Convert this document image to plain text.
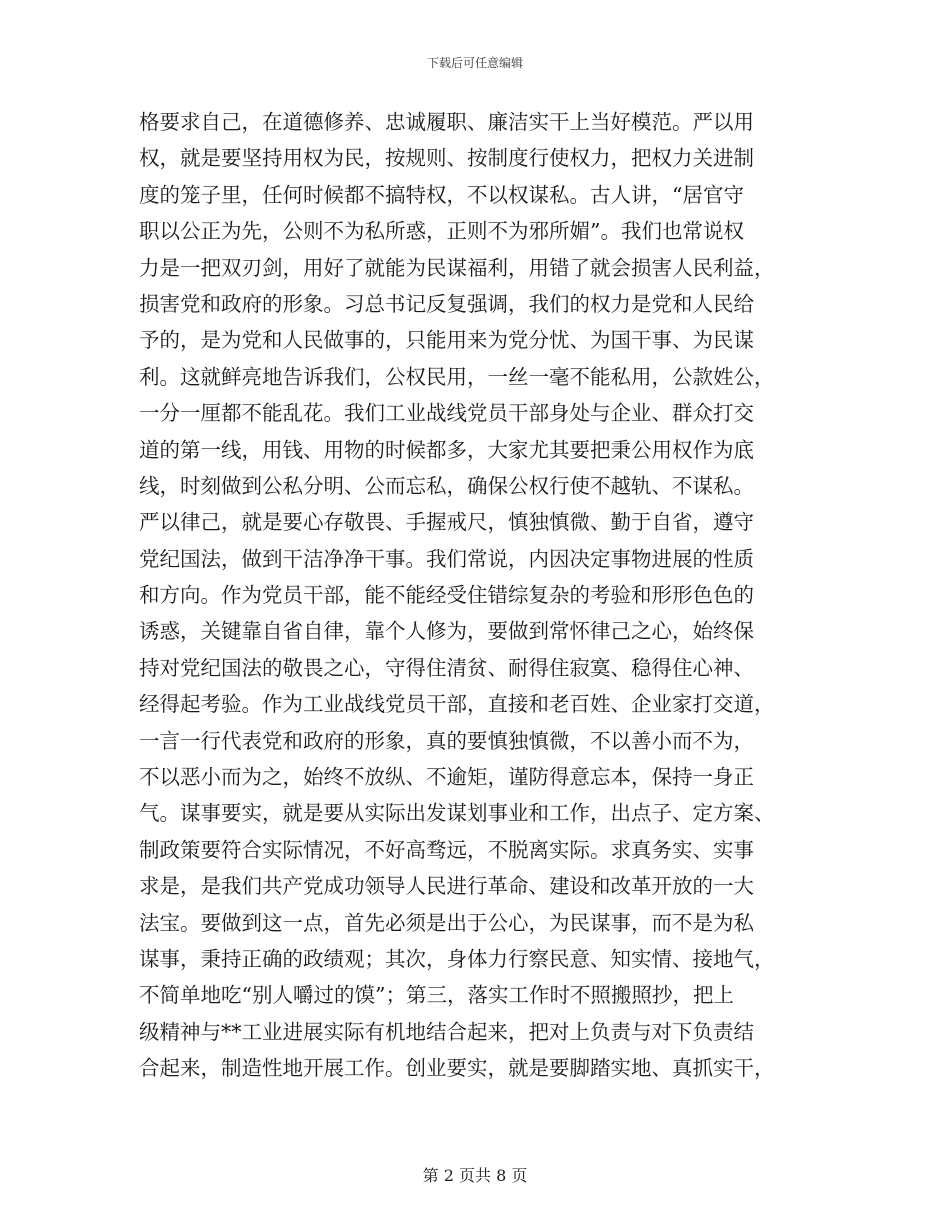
下载后可任意编辑
格要求自己，在道德修养、忠诚履职、廉洁实干上当好模范。严以用
权，就是要坚持用权为民，按规则、按制度行使权力，把权力关进制
度的笼子里，任何时候都不搞特权，不以权谋私。古人讲，“居官守
职以公正为先，公则不为私所惑，正则不为邪所媚”。我们也常说权
力是一把双刃剑，用好了就能为民谋福利，用错了就会损害人民利益，
损害党和政府的形象。习总书记反复强调，我们的权力是党和人民给
予的，是为党和人民做事的，只能用来为党分忧、为国干事、为民谋
利。这就鲜亮地告诉我们，公权民用，一丝一毫不能私用，公款姓公，
一分一厘都不能乱花。我们工业战线党员干部身处与企业、群众打交
道的第一线，用钱、用物的时候都多，大家尤其要把秉公用权作为底
线，时刻做到公私分明、公而忘私，确保公权行使不越轨、不谋私。
严以律己，就是要心存敬畏、手握戒尺，慎独慎微、勤于自省，遵守
党纪国法，做到干洁净净干事。我们常说，内因决定事物进展的性质
和方向。作为党员干部，能不能经受住错综复杂的考验和形形色色的
诱惑，关键靠自省自律，靠个人修为，要做到常怀律己之心，始终保
持对党纪国法的敬畏之心，守得住清贫、耐得住寂寞、稳得住心神、
经得起考验。作为工业战线党员干部，直接和老百姓、企业家打交道，
一言一行代表党和政府的形象，真的要慎独慎微，不以善小而不为，
不以恶小而为之，始终不放纵、不逾矩，谨防得意忘本，保持一身正
气。谋事要实，就是要从实际出发谋划事业和工作，出点子、定方案、
制政策要符合实际情况，不好高骛远，不脱离实际。求真务实、实事
求是，是我们共产党成功领导人民进行革命、建设和改革开放的一大
法宝。要做到这一点，首先必须是出于公心，为民谋事，而不是为私
谋事，秉持正确的政绩观；其次，身体力行察民意、知实情、接地气，
不简单地吃“别人嚼过的馍”；第三，落实工作时不照搬照抄，把上
级精神与**工业进展实际有机地结合起来，把对上负责与对下负责结
合起来，制造性地开展工作。创业要实，就是要脚踏实地、真抓实干，
第 2 页共 8 页
